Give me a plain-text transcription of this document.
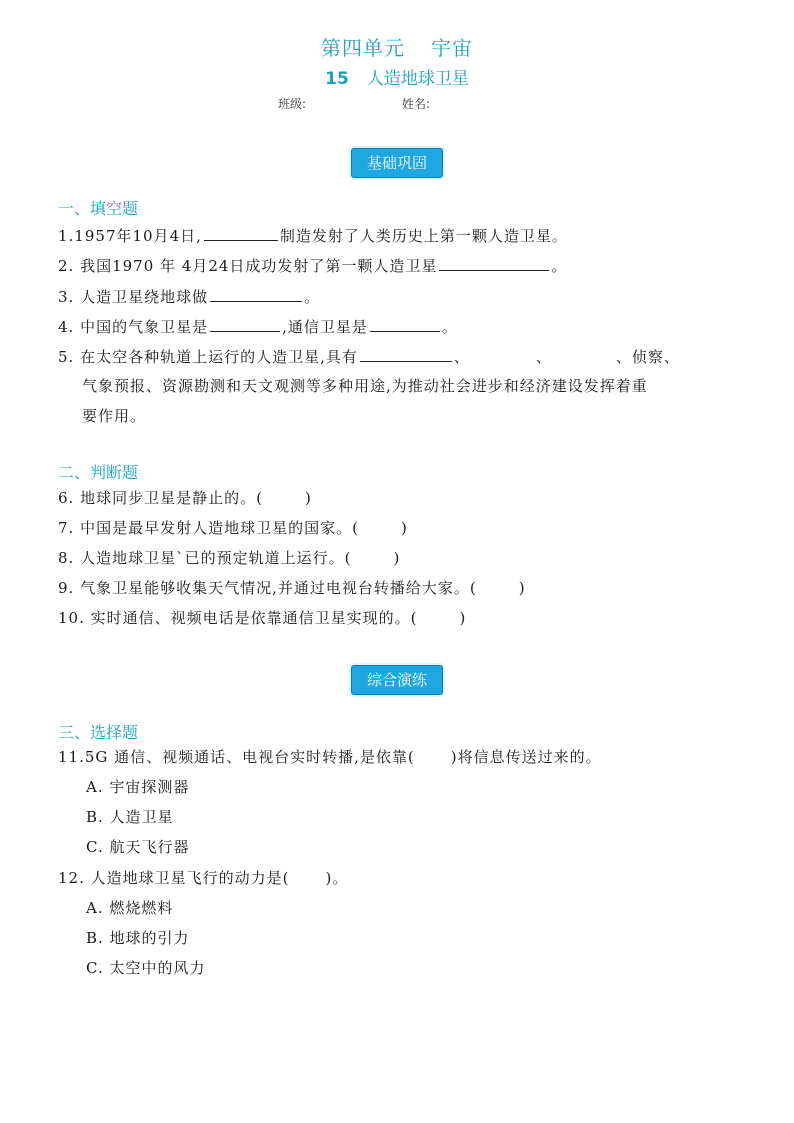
第四单元 宇宙
15 人造地球卫星
班级:	姓名:
基础巩固
一、填空题
1.1957年10月4日,	制造发射了人类历史上第一颗人造卫星。
2. 我国1970 年 4月24日成功发射了第一颗人造卫星	。
3. 人造卫星绕地球做	。
4. 中国的气象卫星是	,通信卫星是	。
5. 在太空各种轨道上运行的人造卫星,具有	、	、	、侦察、
气象预报、资源勘测和天文观测等多种用途,为推动社会进步和经济建设发挥着重
要作用。
二、判断题
6. 地球同步卫星是静止的。(	)
7. 中国是最早发射人造地球卫星的国家。(	)
8. 人造地球卫星`已的预定轨道上运行。(	)
9. 气象卫星能够收集天气情况,并通过电视台转播给大家。(	)
10. 实时通信、视频电话是依靠通信卫星实现的。(	)
综合演练
三、选择题
11.5G 通信、视频通话、电视台实时转播,是依靠( )将信息传送过来的。
A. 宇宙探测器
B. 人造卫星
C. 航天飞行器
12. 人造地球卫星飞行的动力是( )。
A. 燃烧燃料
B. 地球的引力
C. 太空中的风力
